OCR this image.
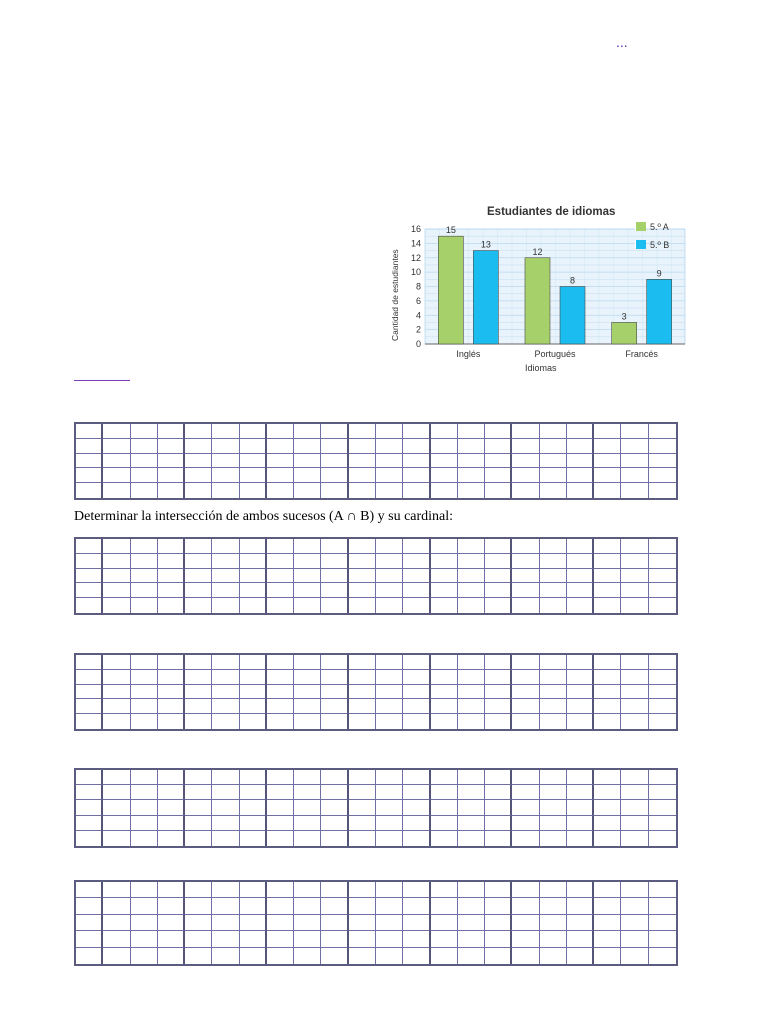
...
Estudiantes de idiomas
0
2
4
6
8
10
12
14
16	15
13
Inglés
12
8
Portugués
3
9
Francés
5.º A
5.º B
Cantidad de estudiantes
Idiomas
Determinar la intersección de ambos sucesos (A ∩ B) y su cardinal:
